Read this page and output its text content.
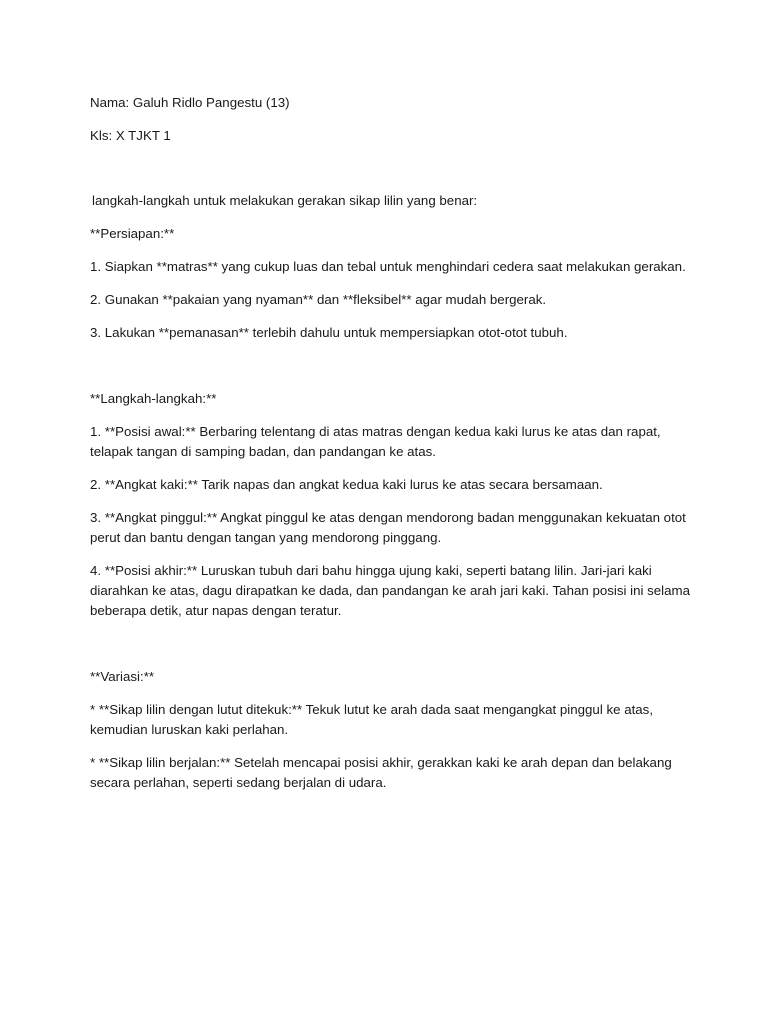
Nama: Galuh Ridlo Pangestu (13)

Kls: X TJKT 1

langkah-langkah untuk melakukan gerakan sikap lilin yang benar:

**Persiapan:**

1. Siapkan **matras** yang cukup luas dan tebal untuk menghindari cedera saat melakukan gerakan.

2. Gunakan **pakaian yang nyaman** dan **fleksibel** agar mudah bergerak.

3. Lakukan **pemanasan** terlebih dahulu untuk mempersiapkan otot-otot tubuh.

**Langkah-langkah:**

1. **Posisi awal:** Berbaring telentang di atas matras dengan kedua kaki lurus ke atas dan rapat, telapak tangan di samping badan, dan pandangan ke atas.

2. **Angkat kaki:** Tarik napas dan angkat kedua kaki lurus ke atas secara bersamaan.

3. **Angkat pinggul:** Angkat pinggul ke atas dengan mendorong badan menggunakan kekuatan otot perut dan bantu dengan tangan yang mendorong pinggang.

4. **Posisi akhir:** Luruskan tubuh dari bahu hingga ujung kaki, seperti batang lilin. Jari-jari kaki diarahkan ke atas, dagu dirapatkan ke dada, dan pandangan ke arah jari kaki. Tahan posisi ini selama beberapa detik, atur napas dengan teratur.

**Variasi:**

* **Sikap lilin dengan lutut ditekuk:** Tekuk lutut ke arah dada saat mengangkat pinggul ke atas, kemudian luruskan kaki perlahan.

* **Sikap lilin berjalan:** Setelah mencapai posisi akhir, gerakkan kaki ke arah depan dan belakang secara perlahan, seperti sedang berjalan di udara.
